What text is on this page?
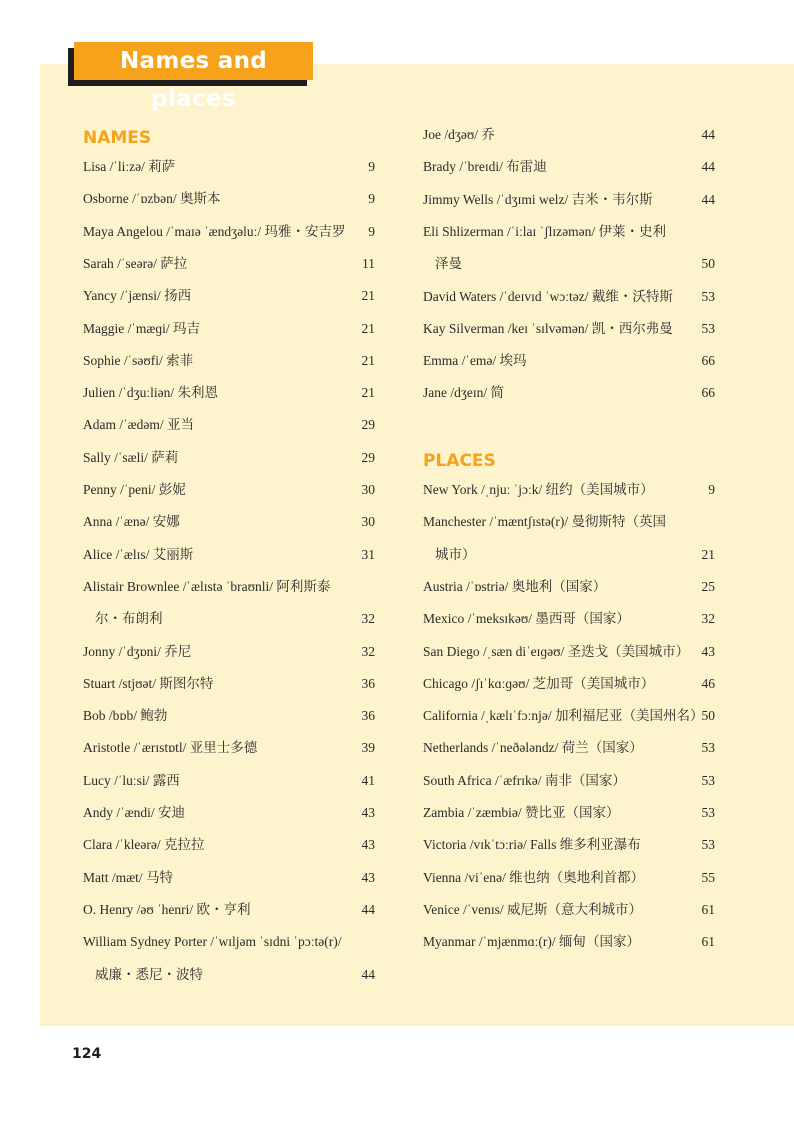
Names and places
NAMES
Lisa /ˈliːzə/ 莉萨	9
Osborne /ˈɒzbən/ 奥斯本	9
Maya Angelou /ˈmaɪə ˈændʒəluː/ 玛雅・安吉罗 9
Sarah /ˈseərə/ 萨拉	11
Yancy /ˈjænsi/ 扬西	21
Maggie /ˈmæɡi/ 玛吉	21
Sophie /ˈsəʊfi/ 索菲	21
Julien /ˈdʒuːliən/ 朱利恩	21
Adam /ˈædəm/ 亚当	29
Sally /ˈsæli/ 萨莉	29
Penny /ˈpeni/ 彭妮	30
Anna /ˈænə/ 安娜	30
Alice /ˈælɪs/ 艾丽斯	31
Alistair Brownlee /ˈælɪstə ˈbraʊnli/ 阿利斯泰
尔・布朗利	32
Jonny /ˈdʒɒni/ 乔尼	32
Stuart /stjʊət/ 斯图尔特	36
Bob /bɒb/ 鲍勃	36
Aristotle /ˈærɪstɒtl/ 亚里士多德	39
Lucy /ˈluːsi/ 露西	41
Andy /ˈændi/ 安迪	43
Clara /ˈkleərə/ 克拉拉	43
Matt /mæt/ 马特	43
O. Henry /əʊ ˈhenri/ 欧・亨利	44
William Sydney Porter /ˈwɪljəm ˈsɪdni ˈpɔːtə(r)/
威廉・悉尼・波特	44
Joe /dʒəʊ/ 乔	44
Brady /ˈbreɪdi/ 布雷迪	44
Jimmy Wells /ˈdʒɪmi welz/ 吉米・韦尔斯	44
Eli Shlizerman /ˈiːlaɪ ˈʃlɪzəmən/ 伊莱・史利
泽曼	50
David Waters /ˈdeɪvɪd ˈwɔːtəz/ 戴维・沃特斯 53
Kay Silverman /keɪ ˈsɪlvəmən/ 凯・西尔弗曼 53
Emma /ˈemə/ 埃玛	66
Jane /dʒeɪn/ 简	66
PLACES
New York /ˌnjuː ˈjɔːk/ 纽约（美国城市）	9
Manchester /ˈmæntʃɪstə(r)/ 曼彻斯特（英国
城市）	21
Austria /ˈɒstriə/ 奥地利（国家）	25
Mexico /ˈmeksɪkəʊ/ 墨西哥（国家）	32
San Diego /ˌsæn diˈeɪɡəʊ/ 圣迭戈（美国城市） 43
Chicago /ʃɪˈkɑːɡəʊ/ 芝加哥（美国城市）	46
California /ˌkælɪˈfɔːnjə/ 加利福尼亚（美国州名）
50
Netherlands /ˈneðələndz/ 荷兰（国家）	53
South Africa /ˈæfrɪkə/ 南非（国家）	53
Zambia /ˈzæmbiə/ 赞比亚（国家）	53
Victoria /vɪkˈtɔːriə/ Falls 维多利亚瀑布	53
Vienna /viˈenə/ 维也纳（奥地利首都）	55
Venice /ˈvenɪs/ 威尼斯（意大利城市）	61
Myanmar /ˈmjænmɑː(r)/ 缅甸（国家）	61
124
